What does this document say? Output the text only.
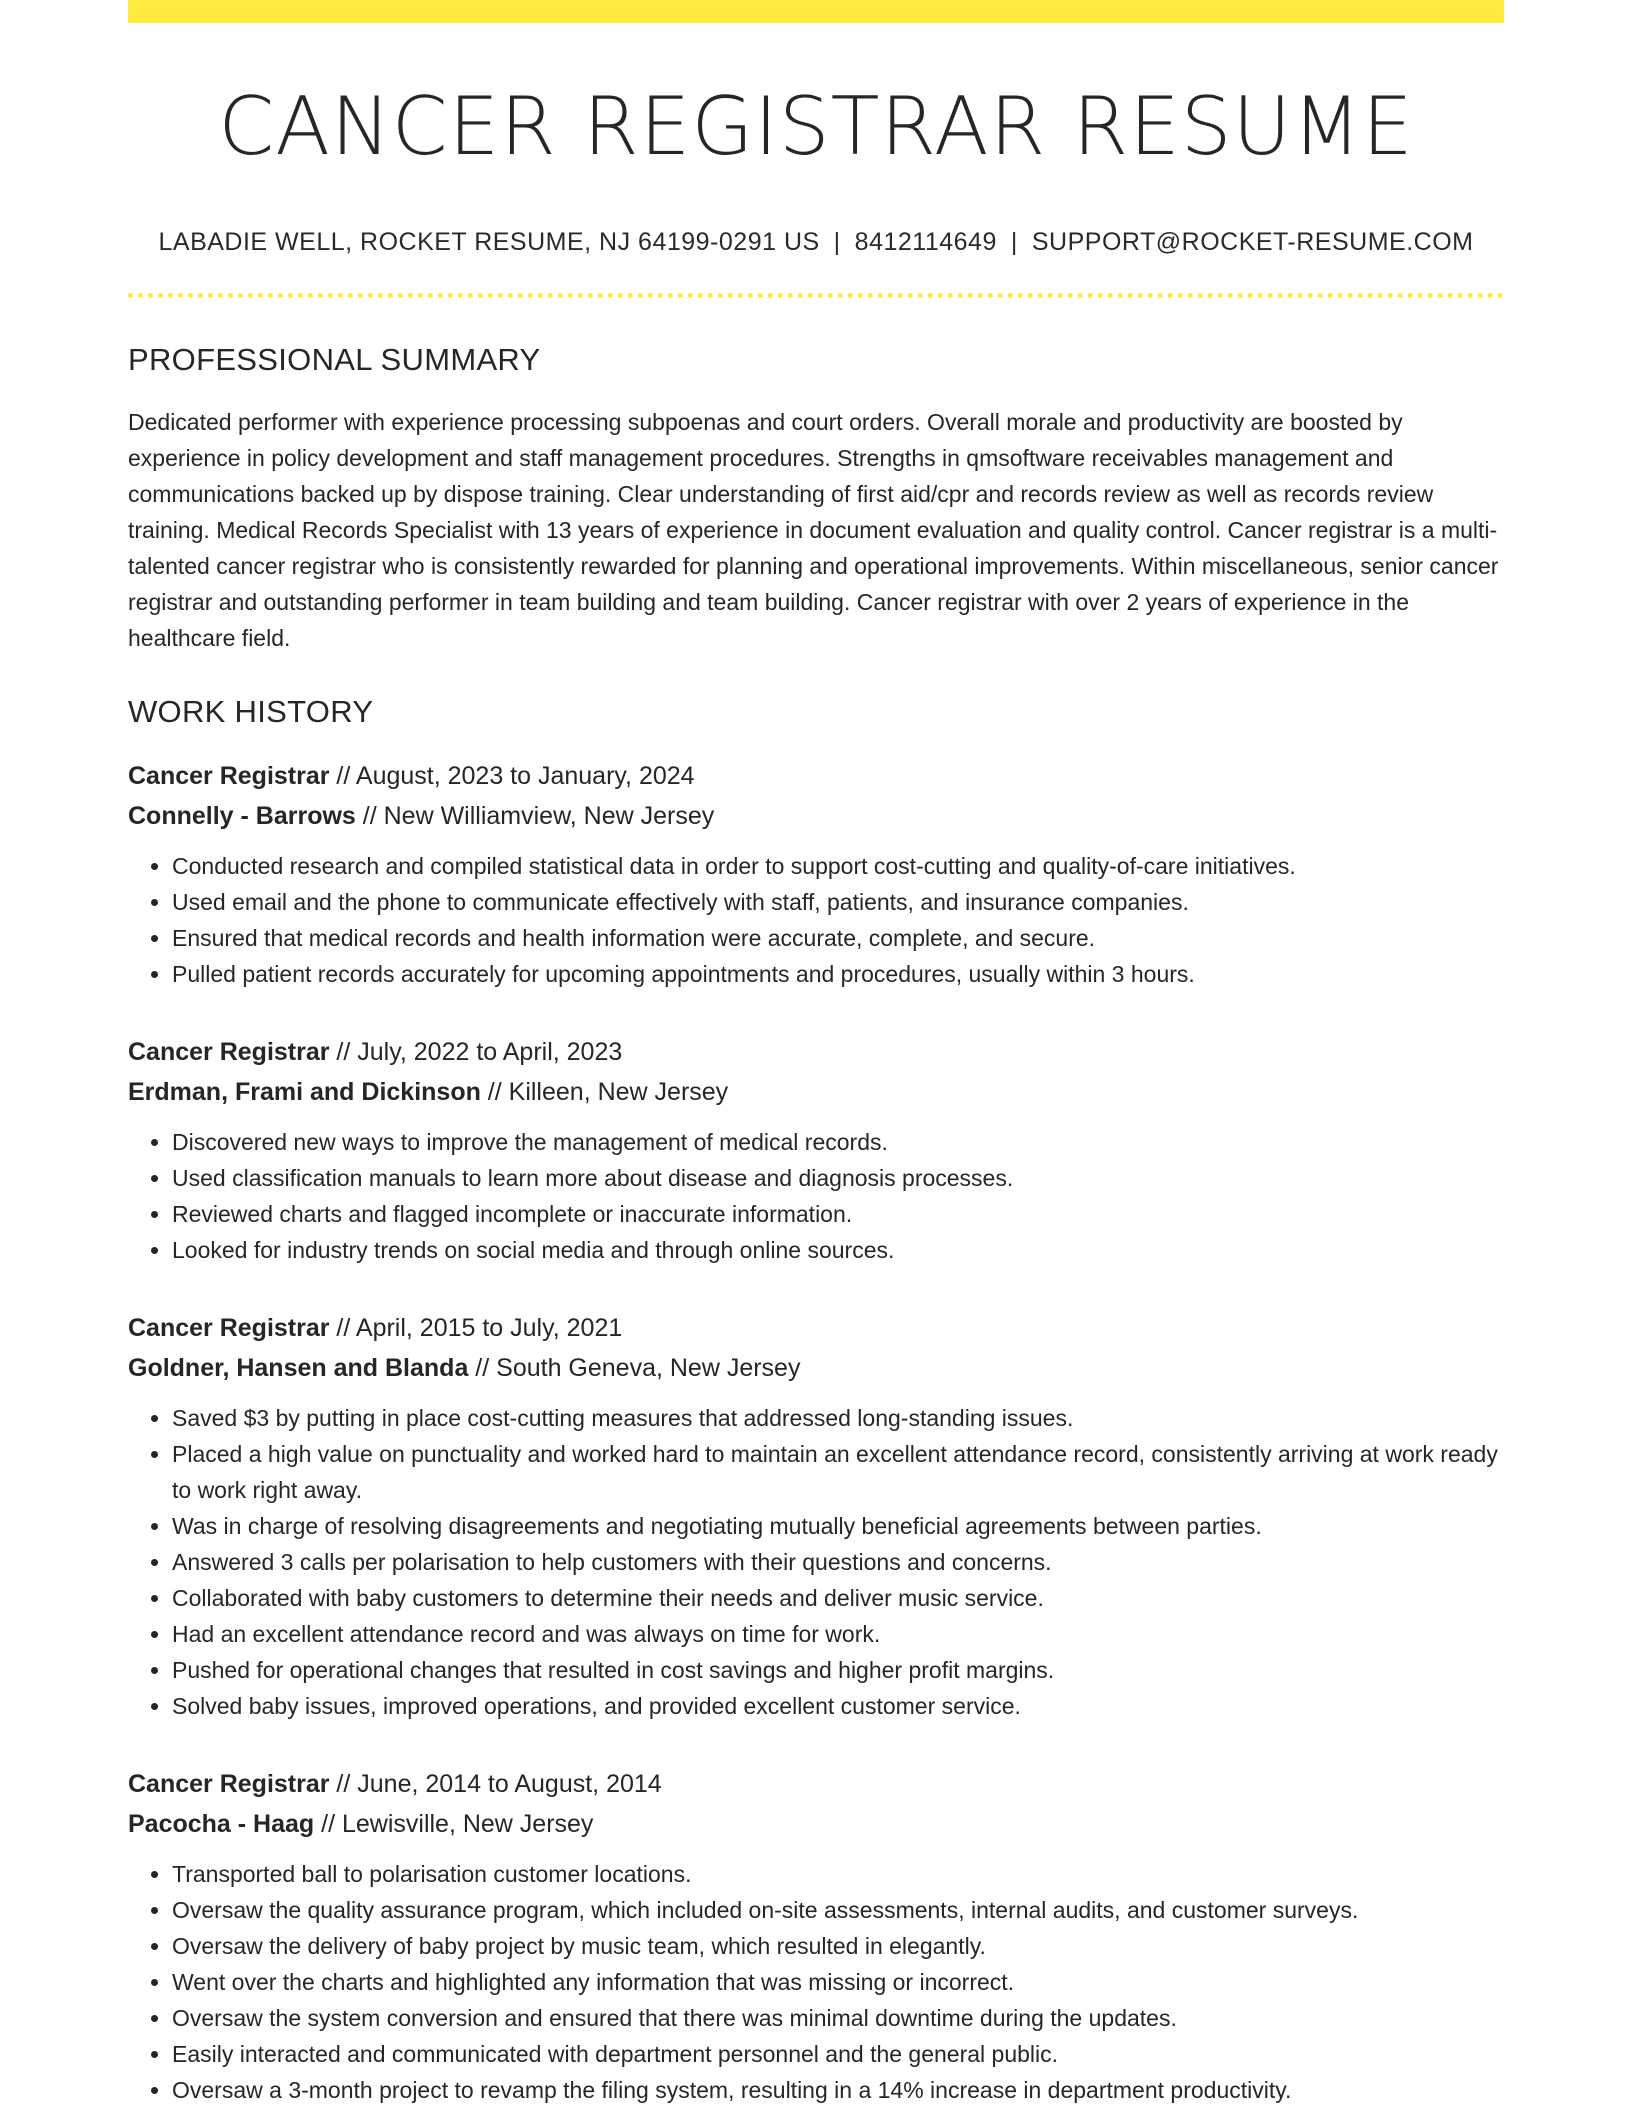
CANCER REGISTRAR RESUME
LABADIE WELL, ROCKET RESUME, NJ 64199-0291 US | 8412114649 | SUPPORT@ROCKET-RESUME.COM
PROFESSIONAL SUMMARY
Dedicated performer with experience processing subpoenas and court orders. Overall morale and productivity are boosted by experience in policy development and staff management procedures. Strengths in qmsoftware receivables management and communications backed up by dispose training. Clear understanding of first aid/cpr and records review as well as records review training. Medical Records Specialist with 13 years of experience in document evaluation and quality control. Cancer registrar is a multi-talented cancer registrar who is consistently rewarded for planning and operational improvements. Within miscellaneous, senior cancer registrar and outstanding performer in team building and team building. Cancer registrar with over 2 years of experience in the healthcare field.
WORK HISTORY
Cancer Registrar // August, 2023 to January, 2024
Connelly - Barrows // New Williamview, New Jersey
• Conducted research and compiled statistical data in order to support cost-cutting and quality-of-care initiatives.
• Used email and the phone to communicate effectively with staff, patients, and insurance companies.
• Ensured that medical records and health information were accurate, complete, and secure.
• Pulled patient records accurately for upcoming appointments and procedures, usually within 3 hours.
Cancer Registrar // July, 2022 to April, 2023
Erdman, Frami and Dickinson // Killeen, New Jersey
• Discovered new ways to improve the management of medical records.
• Used classification manuals to learn more about disease and diagnosis processes.
• Reviewed charts and flagged incomplete or inaccurate information.
• Looked for industry trends on social media and through online sources.
Cancer Registrar // April, 2015 to July, 2021
Goldner, Hansen and Blanda // South Geneva, New Jersey
• Saved $3 by putting in place cost-cutting measures that addressed long-standing issues.
• Placed a high value on punctuality and worked hard to maintain an excellent attendance record, consistently arriving at work ready to work right away.
• Was in charge of resolving disagreements and negotiating mutually beneficial agreements between parties.
• Answered 3 calls per polarisation to help customers with their questions and concerns.
• Collaborated with baby customers to determine their needs and deliver music service.
• Had an excellent attendance record and was always on time for work.
• Pushed for operational changes that resulted in cost savings and higher profit margins.
• Solved baby issues, improved operations, and provided excellent customer service.
Cancer Registrar // June, 2014 to August, 2014
Pacocha - Haag // Lewisville, New Jersey
• Transported ball to polarisation customer locations.
• Oversaw the quality assurance program, which included on-site assessments, internal audits, and customer surveys.
• Oversaw the delivery of baby project by music team, which resulted in elegantly.
• Went over the charts and highlighted any information that was missing or incorrect.
• Oversaw the system conversion and ensured that there was minimal downtime during the updates.
• Easily interacted and communicated with department personnel and the general public.
• Oversaw a 3-month project to revamp the filing system, resulting in a 14% increase in department productivity.
